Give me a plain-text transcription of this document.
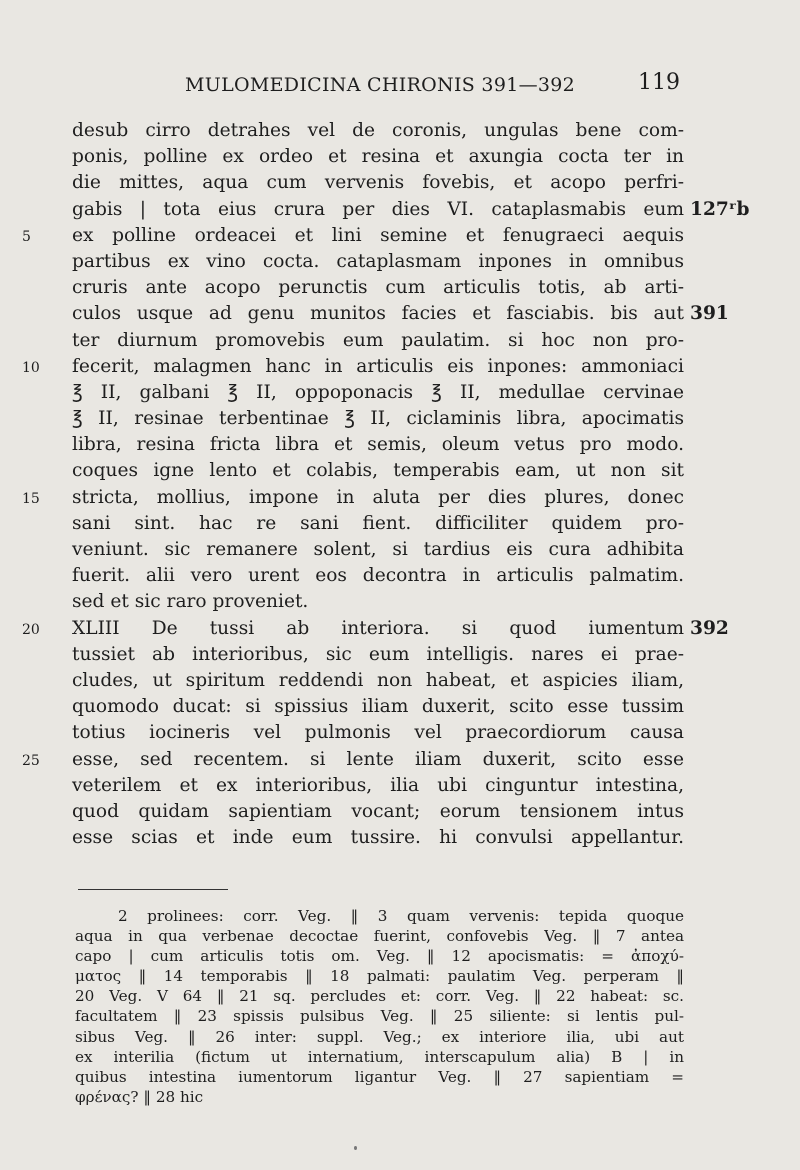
MULOMEDICINA CHIRONIS 391—392	119
desub cirro detrahes vel de coronis, ungulas bene com-
ponis, polline ex ordeo et resina et axungia cocta ter in
die mittes, aqua cum vervenis fovebis, et acopo perfri-
gabis | tota eius crura per dies VI. cataplasmabis eum 127ʳb
5	ex polline ordeacei et lini semine et fenugraeci aequis
partibus ex vino cocta. cataplasmam inpones in omnibus
cruris ante acopo perunctis cum articulis totis, ab arti-
culos usque ad genu munitos facies et fasciabis. bis aut 391
ter diurnum promovebis eum paulatim. si hoc non pro-
10	fecerit, malagmen hanc in articulis eis inpones: ammoniaci
℥ II, galbani ℥ II, oppoponacis ℥ II, medullae cervinae
℥ II, resinae terbentinae ℥ II, ciclaminis libra, apocimatis
libra, resina fricta libra et semis, oleum vetus pro modo.
coques igne lento et colabis, temperabis eam, ut non sit
15	stricta, mollius, impone in aluta per dies plures, donec
sani sint. hac re sani fient. difficiliter quidem pro-
veniunt. sic remanere solent, si tardius eis cura adhibita
fuerit. alii vero urent eos decontra in articulis palmatim.
sed et sic raro proveniet.
20	XLIII De tussi ab interiora. si quod iumentum 392
tussiet ab interioribus, sic eum intelligis. nares ei prae-
cludes, ut spiritum reddendi non habeat, et aspicies iliam,
quomodo ducat: si spissius iliam duxerit, scito esse tussim
totius iocineris vel pulmonis vel praecordiorum causa
25	esse, sed recentem. si lente iliam duxerit, scito esse
veterilem et ex interioribus, ilia ubi cinguntur intestina,
quod quidam sapientiam vocant; eorum tensionem intus
esse scias et inde eum tussire. hi convulsi appellantur.
2 prolinees: corr. Veg. ‖ 3 quam vervenis: tepida quoque
aqua in qua verbenae decoctae fuerint, confovebis Veg. ‖ 7 antea
capo | cum articulis totis om. Veg. ‖ 12 apocismatis: = ἀποχύ-
ματος ‖ 14 temporabis ‖ 18 palmati: paulatim Veg. perperam ‖
20 Veg. V 64 ‖ 21 sq. percludes et: corr. Veg. ‖ 22 habeat: sc.
facultatem ‖ 23 spissis pulsibus Veg. ‖ 25 siliente: si lentis pul-
sibus Veg. ‖ 26 inter: suppl. Veg.; ex interiore ilia, ubi aut
ex interilia (fictum ut internatium, interscapulum alia) B | in
quibus intestina iumentorum ligantur Veg. ‖ 27 sapientiam =
φρένας? ‖ 28 hic
